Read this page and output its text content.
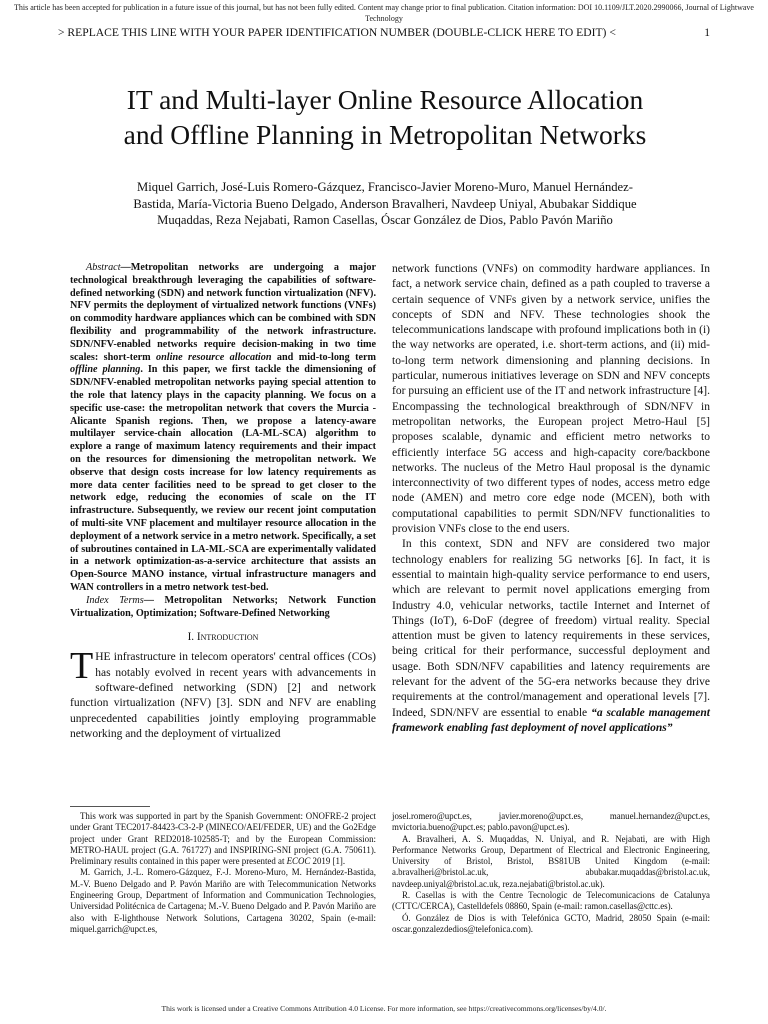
This article has been accepted for publication in a future issue of this journal, but has not been fully edited. Content may change prior to final publication. Citation information: DOI 10.1109/JLT.2020.2990066, Journal of Lightwave Technology
> REPLACE THIS LINE WITH YOUR PAPER IDENTIFICATION NUMBER (DOUBLE-CLICK HERE TO EDIT) <	1
IT and Multi-layer Online Resource Allocation
and Offline Planning in Metropolitan Networks
Miquel Garrich, José-Luis Romero-Gázquez, Francisco-Javier Moreno-Muro, Manuel Hernández-
Bastida, María-Victoria Bueno Delgado, Anderson Bravalheri, Navdeep Uniyal, Abubakar Siddique
Muqaddas, Reza Nejabati, Ramon Casellas, Óscar González de Dios, Pablo Pavón Mariño

Abstract—Metropolitan networks are undergoing a major technological breakthrough leveraging the capabilities of software-defined networking (SDN) and network function virtualization (NFV). NFV permits the deployment of virtualized network functions (VNFs) on commodity hardware appliances which can be combined with SDN flexibility and programmability of the network infrastructure. SDN/NFV-enabled networks require decision-making in two time scales: short-term online resource allocation and mid-to-long term offline planning. In this paper, we first tackle the dimensioning of SDN/NFV-enabled metropolitan networks paying special attention to the role that latency plays in the capacity planning. We focus on a specific use-case: the metropolitan network that covers the Murcia - Alicante Spanish regions. Then, we propose a latency-aware multilayer service-chain allocation (LA-ML-SCA) algorithm to explore a range of maximum latency requirements and their impact on the resources for dimensioning the metropolitan network. We observe that design costs increase for low latency requirements as more data center facilities need to be spread to get closer to the network edge, reducing the economies of scale on the IT infrastructure. Subsequently, we review our recent joint computation of multi-site VNF placement and multilayer resource allocation in the deployment of a network service in a metro network. Specifically, a set of subroutines contained in LA-ML-SCA are experimentally validated in a network optimization-as-a-service architecture that assists an Open-Source MANO instance, virtual infrastructure managers and WAN controllers in a metro network test-bed.

Index Terms— Metropolitan Networks; Network Function Virtualization, Optimization; Software-Defined Networking

I. Introduction

THE infrastructure in telecom operators' central offices (COs) has notably evolved in recent years with advancements in software-defined networking (SDN) [2] and network function virtualization (NFV) [3]. SDN and NFV are enabling unprecedented capabilities jointly employing programmable networking and the deployment of virtualized

network functions (VNFs) on commodity hardware appliances. In fact, a network service chain, defined as a path coupled to traverse a certain sequence of VNFs given by a network service, unifies the concepts of SDN and NFV. These technologies shook the telecommunications landscape with profound implications both in (i) the way networks are operated, i.e. short-term actions, and (ii) mid-to-long term network dimensioning and planning decisions. In particular, numerous initiatives leverage on SDN and NFV concepts for pursuing an efficient use of the IT and network infrastructure [4]. Encompassing the technological breakthrough of SDN/NFV in metropolitan networks, the European project Metro-Haul [5] proposes scalable, dynamic and efficient metro networks to efficiently interface 5G access and high-capacity core/backbone networks. The nucleus of the Metro Haul proposal is the dynamic interconnectivity of two different types of nodes, access metro edge node (AMEN) and metro core edge node (MCEN), both with computational capabilities to permit SDN/NFV functionalities to provision VNFs close to the end users.

In this context, SDN and NFV are considered two major technology enablers for realizing 5G networks [6]. In fact, it is essential to maintain high-quality service performance to end users, which are relevant to permit novel applications emerging from Industry 4.0, vehicular networks, tactile Internet and Internet of Things (IoT), 6-DoF (degree of freedom) virtual reality. Special attention must be given to latency requirements in these services, being critical for their performance, successful deployment and usage. Both SDN/NFV capabilities and latency requirements are relevant for the advent of the 5G-era networks because they drive requirements at the control/management and operational levels [7]. Indeed, SDN/NFV are essential to enable “a scalable management framework enabling fast deployment of novel applications”

This work was supported in part by the Spanish Government: ONOFRE-2 project under Grant TEC2017-84423-C3-2-P (MINECO/AEI/FEDER, UE) and the Go2Edge project under Grant RED2018-102585-T; and by the European Commission: METRO-HAUL project (G.A. 761727) and INSPIRING-SNI project (G.A. 750611). Preliminary results contained in this paper were presented at ECOC 2019 [1].

M. Garrich, J.-L. Romero-Gázquez, F.-J. Moreno-Muro, M. Hernández-Bastida, M.-V. Bueno Delgado and P. Pavón Mariño are with Telecommunication Networks Engineering Group, Department of Information and Communication Technologies, Universidad Politécnica de Cartagena; M.-V. Bueno Delgado and P. Pavón Mariño are also with E-lighthouse Network Solutions, Cartagena 30202, Spain (e-mail: miquel.garrich@upct.es,

josel.romero@upct.es, javier.moreno@upct.es, manuel.hernandez@upct.es, mvictoria.bueno@upct.es; pablo.pavon@upct.es).

A. Bravalheri, A. S. Muqaddas, N. Uniyal, and R. Nejabati, are with High Performance Networks Group, Department of Electrical and Electronic Engineering, University of Bristol, Bristol, BS81UB United Kingdom (e-mail: a.bravalheri@bristol.ac.uk, abubakar.muqaddas@bristol.ac.uk, navdeep.uniyal@bristol.ac.uk, reza.nejabati@bristol.ac.uk).

R. Casellas is with the Centre Tecnologic de Telecomunicacions de Catalunya (CTTC/CERCA), Castelldefels 08860, Spain (e-mail: ramon.casellas@cttc.es).

Ó. González de Dios is with Telefónica GCTO, Madrid, 28050 Spain (e-mail: oscar.gonzalezdedios@telefonica.com).

This work is licensed under a Creative Commons Attribution 4.0 License. For more information, see https://creativecommons.org/licenses/by/4.0/.
